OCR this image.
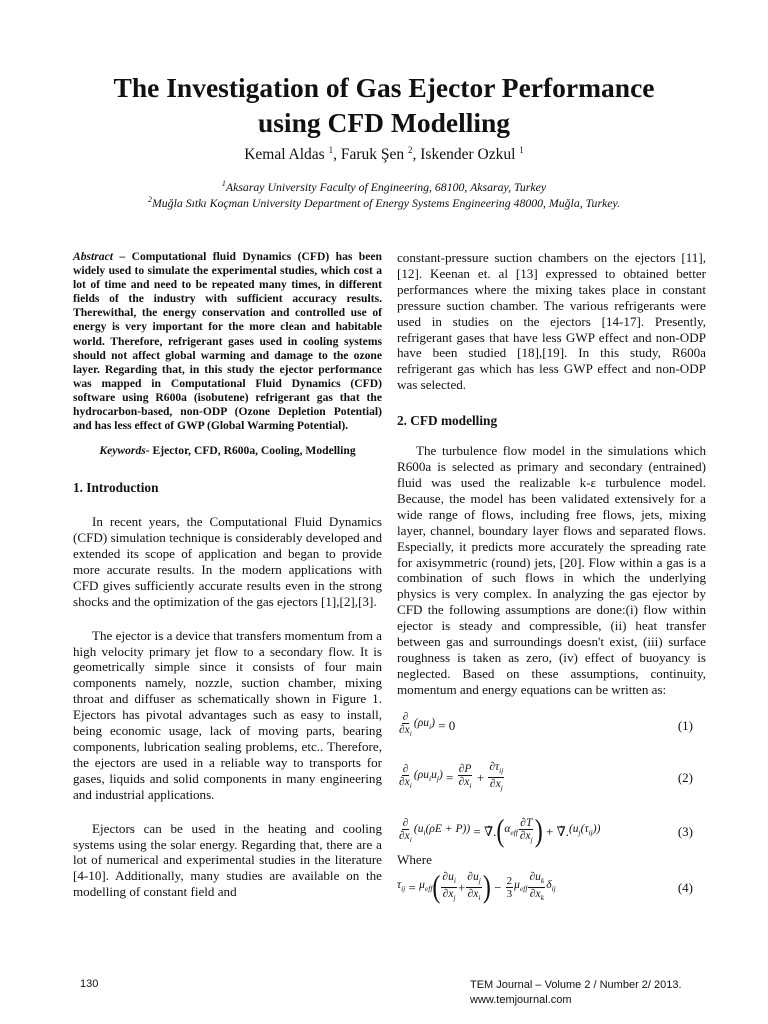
The Investigation of Gas Ejector Performance
using CFD Modelling
Kemal Aldas $^1$, Faruk Şen $^2$, Iskender Ozkul $^1$
$^1$Aksaray University Faculty of Engineering, 68100, Aksaray, Turkey
$^2$Muğla Sıtkı Koçman University Department of Energy Systems Engineering 48000, Muğla, Turkey.

Abstract – Computational fluid Dynamics (CFD) has been widely used to simulate the experimental studies, which cost a lot of time and need to be repeated many times, in different fields of the industry with sufficient accuracy results. Therewithal, the energy conservation and controlled use of energy is very important for the more clean and habitable world. Therefore, refrigerant gases used in cooling systems should not affect global warming and damage to the ozone layer. Regarding that, in this study the ejector performance was mapped in Computational Fluid Dynamics (CFD) software using R600a (isobutene) refrigerant gas that the hydrocarbon-based, non-ODP (Ozone Depletion Potential) and has less effect of GWP (Global Warming Potential).

Keywords- Ejector, CFD, R600a, Cooling, Modelling

1. Introduction

In recent years, the Computational Fluid Dynamics (CFD) simulation technique is considerably developed and extended its scope of application and began to provide more accurate results. In the modern applications with CFD gives sufficiently accurate results even in the strong shocks and the optimization of the gas ejectors [1],[2],[3].

The ejector is a device that transfers momentum from a high velocity primary jet flow to a secondary flow. It is geometrically simple since it consists of four main components namely, nozzle, suction chamber, mixing throat and diffuser as schematically shown in Figure 1. Ejectors has pivotal advantages such as easy to install, being economic usage, lack of moving parts, bearing components, lubrication sealing problems, etc.. Therefore, the ejectors are used in a reliable way to transports for gases, liquids and solid components in many engineering and industrial applications.

Ejectors can be used in the heating and cooling systems using the solar energy. Regarding that, there are a lot of numerical and experimental studies in the literature [4-10]. Additionally, many studies are available on the modelling of constant field and

constant-pressure suction chambers on the ejectors [11], [12]. Keenan et. al [13] expressed to obtained better performances where the mixing takes place in constant pressure suction chamber. The various refrigerants were used in studies on the ejectors [14-17]. Presently, refrigerant gases that have less GWP effect and non-ODP have been studied [18],[19]. In this study, R600a refrigerant gas which has less GWP effect and non-ODP was selected.

2. CFD modelling

The turbulence flow model in the simulations which R600a is selected as primary and secondary (entrained) fluid was used the realizable k-ε turbulence model. Because, the model has been validated extensively for a wide range of flows, including free flows, jets, mixing layer, channel, boundary layer flows and separated flows. Especially, it predicts more accurately the spreading rate for axisymmetric (round) jets, [20]. Flow within a gas is a combination of such flows in which the underlying physics is very complex. In analyzing the gas ejector by CFD the following assumptions are done:(i) flow within ejector is steady and compressible, (ii) heat transfer between gas and surroundings doesn't exist, (iii) surface roughness is taken as zero, (iv) effect of buoyancy is neglected. Based on these assumptions, continuity, momentum and energy equations can be written as:

$\frac{\partial}{\partial x_i} (\rho u_i) = 0$	(1)
$\frac{\partial}{\partial x_i} (\rho u_iu_j) = \frac{\partial P}{\partial x_i} + \frac{\partial\tau_{ij}}{\partial x_j}$	(2)
$\frac{\partial}{\partial x_i} (u_i(\rho E + P))$ = ∇̃. ( $\alpha_{eff} \frac{\partial T}{\partial x_j}$ ) + ∇̃. $(u_j(\tau_{ij}))$	(3)

Where

$\tau_{ij} = \mu_{eff}$ ( $\frac{\partial u_i}{\partial x_j} + \frac{\partial u_j}{\partial x_i}$ ) − $\frac{2}{3} \mu_{eff} \frac{\partial u_k}{\partial x_k} \delta_{ij}$	(4)
130	TEM Journal – Volume 2 / Number 2/ 2013.
www.temjournal.com
